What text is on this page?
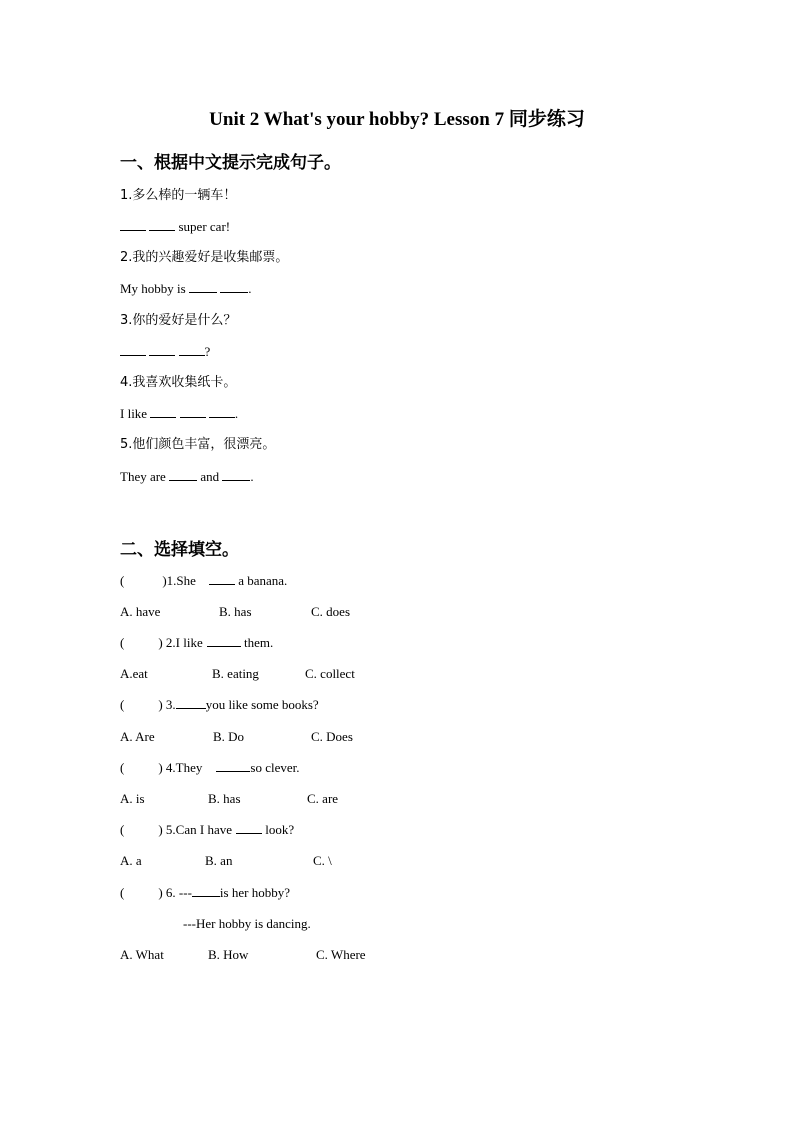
Unit 2 What's your hobby? Lesson 7 同步练习
一、根据中文提示完成句子。
1.多么棒的一辆车！
super car!
2.我的兴趣爱好是收集邮票。
My hobby is	.
3.你的爱好是什么？
?
4.我喜欢收集纸卡。
I like	.
5.他们颜色丰富，很漂亮。
They are  and .
二、选择填空。
(	)1.She	a banana.
A. have	B. has	C. does
(	) 2.I like	them.
A.eat	B. eating	C. collect
(	) 3. you like some books?
A. Are	B. Do	C. Does
(	) 4.They	so clever.
A. is	B. has	C. are
(	) 5.Can I have look?
A. a	B. an	C. \
(	) 6. --- is her hobby?
---Her hobby is dancing.
A. What	B. How	C. Where
